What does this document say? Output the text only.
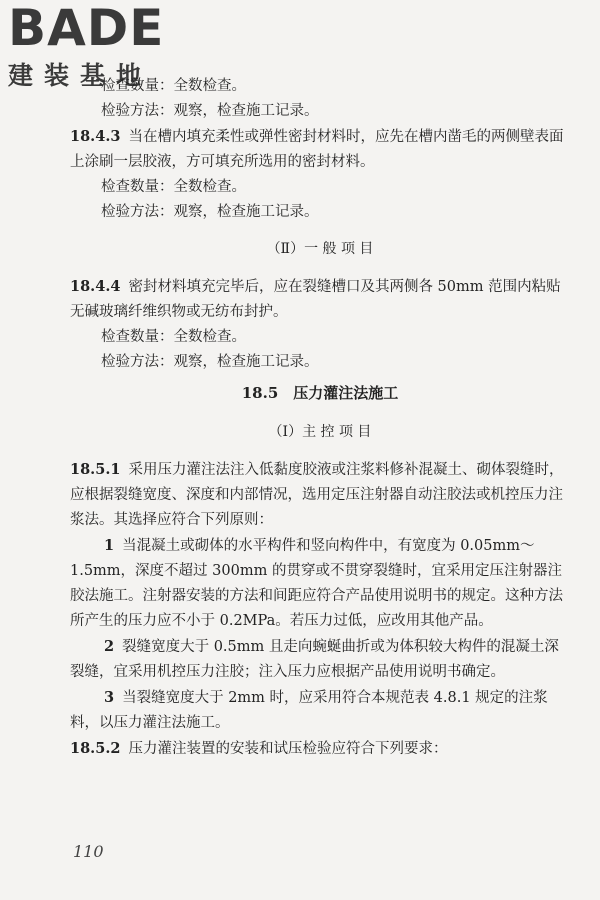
BADE
建装基地

检查数量：全数检查。

检验方法：观察，检查施工记录。

18.4.3 当在槽内填充柔性或弹性密封材料时，应先在槽内凿毛的两侧壁表面上涂刷一层胶液，方可填充所选用的密封材料。

检查数量：全数检查。

检验方法：观察，检查施工记录。

（Ⅱ）一 般 项 目

18.4.4 密封材料填充完毕后，应在裂缝槽口及其两侧各 50mm 范围内粘贴无碱玻璃纤维织物或无纺布封护。

检查数量：全数检查。

检验方法：观察，检查施工记录。

18.5　压力灌注法施工

（Ⅰ）主 控 项 目

18.5.1 采用压力灌注法注入低黏度胶液或注浆料修补混凝土、砌体裂缝时，应根据裂缝宽度、深度和内部情况，选用定压注射器自动注胶法或机控压力注浆法。其选择应符合下列原则：

1 当混凝土或砌体的水平构件和竖向构件中，有宽度为 0.05mm～1.5mm，深度不超过 300mm 的贯穿或不贯穿裂缝时，宜采用定压注射器注胶法施工。注射器安装的方法和间距应符合产品使用说明书的规定。这种方法所产生的压力应不小于 0.2MPa。若压力过低，应改用其他产品。

2 裂缝宽度大于 0.5mm 且走向蜿蜒曲折或为体积较大构件的混凝土深裂缝，宜采用机控压力注胶；注入压力应根据产品使用说明书确定。

3 当裂缝宽度大于 2mm 时，应采用符合本规范表 4.8.1 规定的注浆料，以压力灌注法施工。

18.5.2 压力灌注装置的安装和试压检验应符合下列要求：

110
